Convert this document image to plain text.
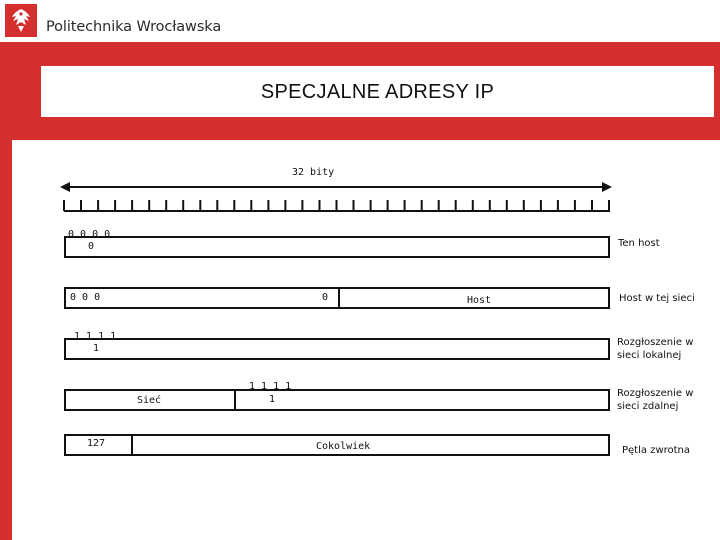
Politechnika Wrocławska
SPECJALNE ADRESY IP
32 bity
0 0 0 0
0	Ten host
0 0 0	0	Host	Host w tej sieci
1 1 1 1
1
Rozgłoszenie w sieci lokalnej
Sieć
1 1 1 1
1
Rozgłoszenie w sieci zdalnej
127	Cokolwiek	Pętla zwrotna
